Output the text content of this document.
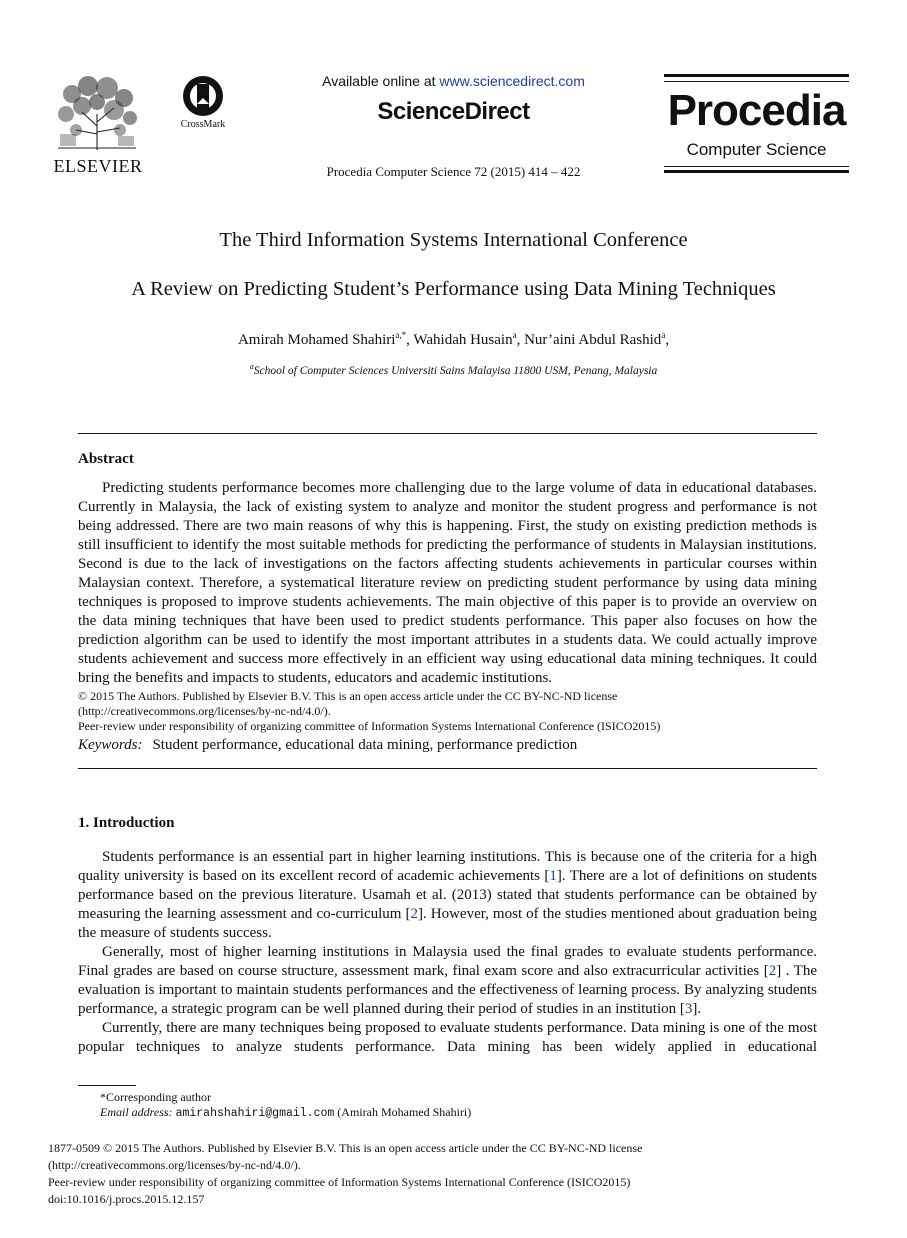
ELSEVIER
CrossMark
Available online at www.sciencedirect.com
ScienceDirect
Procedia Computer Science 72 (2015) 414 – 422
Procedia
Computer Science
The Third Information Systems International Conference
A Review on Predicting Student’s Performance using Data Mining Techniques
Amirah Mohamed Shahiri$^{a,*}$, Wahidah Husain$^a$, Nur’aini Abdul Rashid$^a$,
$^a$School of Computer Sciences Universiti Sains Malayisa 11800 USM, Penang, Malaysia
Abstract

Predicting students performance becomes more challenging due to the large volume of data in educational databases. Currently in Malaysia, the lack of existing system to analyze and monitor the student progress and performance is not being addressed. There are two main reasons of why this is happening. First, the study on existing prediction methods is still insufficient to identify the most suitable methods for predicting the performance of students in Malaysian institutions. Second is due to the lack of investigations on the factors affecting students achievements in particular courses within Malaysian context. Therefore, a systematical literature review on predicting student performance by using data mining techniques is proposed to improve students achievements. The main objective of this paper is to provide an overview on the data mining techniques that have been used to predict students performance. This paper also focuses on how the prediction algorithm can be used to identify the most important attributes in a students data. We could actually improve students achievement and success more effectively in an efficient way using educational data mining techniques. It could bring the benefits and impacts to students, educators and academic institutions.

© 2015 The Authors. Published by Elsevier B.V. This is an open access article under the CC BY-NC-ND license
(http://creativecommons.org/licenses/by-nc-nd/4.0/).
Peer-review under responsibility of organizing committee of Information Systems International Conference (ISICO2015)
Keywords: Student performance, educational data mining, performance prediction
1. Introduction

Students performance is an essential part in higher learning institutions. This is because one of the criteria for a high quality university is based on its excellent record of academic achievements [1]. There are a lot of definitions on students performance based on the previous literature. Usamah et al. (2013) stated that students performance can be obtained by measuring the learning assessment and co-curriculum [2]. However, most of the studies mentioned about graduation being the measure of students success.

Generally, most of higher learning institutions in Malaysia used the final grades to evaluate students performance. Final grades are based on course structure, assessment mark, final exam score and also extracurricular activities [2] . The evaluation is important to maintain students performances and the effectiveness of learning process. By analyzing students performance, a strategic program can be well planned during their period of studies in an institution [3].

Currently, there are many techniques being proposed to evaluate students performance. Data mining is one of the most popular techniques to analyze students performance. Data mining has been widely applied in educational

*Corresponding author
Email address: amirahshahiri@gmail.com (Amirah Mohamed Shahiri)
1877-0509 © 2015 The Authors. Published by Elsevier B.V. This is an open access article under the CC BY-NC-ND license
(http://creativecommons.org/licenses/by-nc-nd/4.0/).
Peer-review under responsibility of organizing committee of Information Systems International Conference (ISICO2015)
doi:10.1016/j.procs.2015.12.157
